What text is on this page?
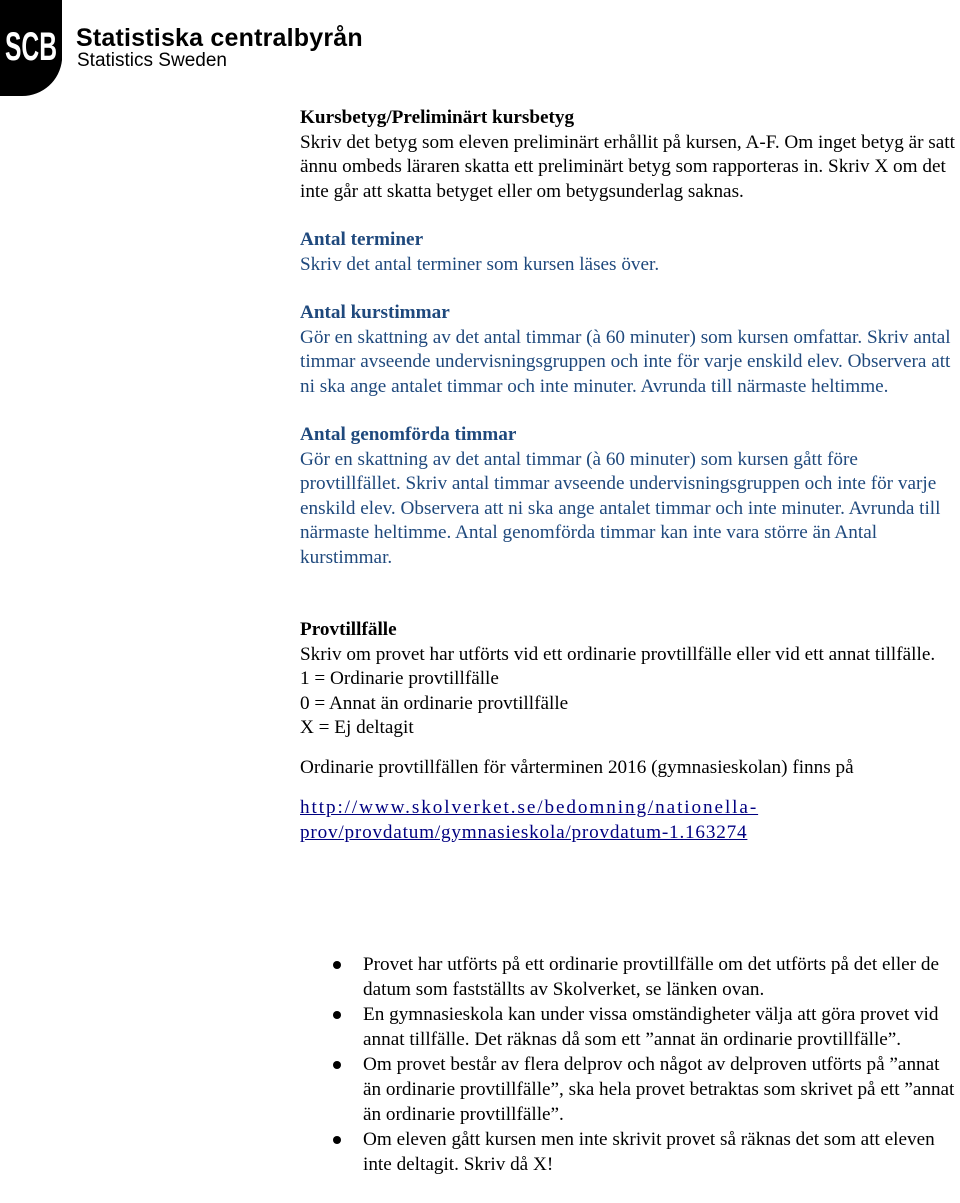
SCB Statistiska centralbyrån
Statistics Sweden
Kursbetyg/Preliminärt kursbetyg
Skriv det betyg som eleven preliminärt erhållit på kursen, A-F. Om inget betyg är satt ännu ombeds läraren skatta ett preliminärt betyg som rapporteras in. Skriv X om det inte går att skatta betyget eller om betygsunderlag saknas.
Antal terminer
Skriv det antal terminer som kursen läses över.
Antal kurstimmar
Gör en skattning av det antal timmar (à 60 minuter) som kursen omfattar. Skriv antal timmar avseende undervisningsgruppen och inte för varje enskild elev. Observera att ni ska ange antalet timmar och inte minuter. Avrunda till närmaste heltimme.
Antal genomförda timmar
Gör en skattning av det antal timmar (à 60 minuter) som kursen gått före provtillfället. Skriv antal timmar avseende undervisningsgruppen och inte för varje enskild elev. Observera att ni ska ange antalet timmar och inte minuter. Avrunda till närmaste heltimme. Antal genomförda timmar kan inte vara större än Antal kurstimmar.
Provtillfälle
Skriv om provet har utförts vid ett ordinarie provtillfälle eller vid ett annat tillfälle.
1 = Ordinarie provtillfälle
0 = Annat än ordinarie provtillfälle
X = Ej deltagit
Ordinarie provtillfällen för vårterminen 2016 (gymnasieskolan) finns på
http://www.skolverket.se/bedomning/nationella-
prov/provdatum/gymnasieskola/provdatum-1.163274
Provet har utförts på ett ordinarie provtillfälle om det utförts på det eller de datum som fastställts av Skolverket, se länken ovan.
En gymnasieskola kan under vissa omständigheter välja att göra provet vid annat tillfälle. Det räknas då som ett ”annat än ordinarie provtillfälle”.
Om provet består av flera delprov och något av delproven utförts på ”annat än ordinarie provtillfälle”, ska hela provet betraktas som skrivet på ett ”annat än ordinarie provtillfälle”.
Om eleven gått kursen men inte skrivit provet så räknas det som att eleven inte deltagit. Skriv då X!
